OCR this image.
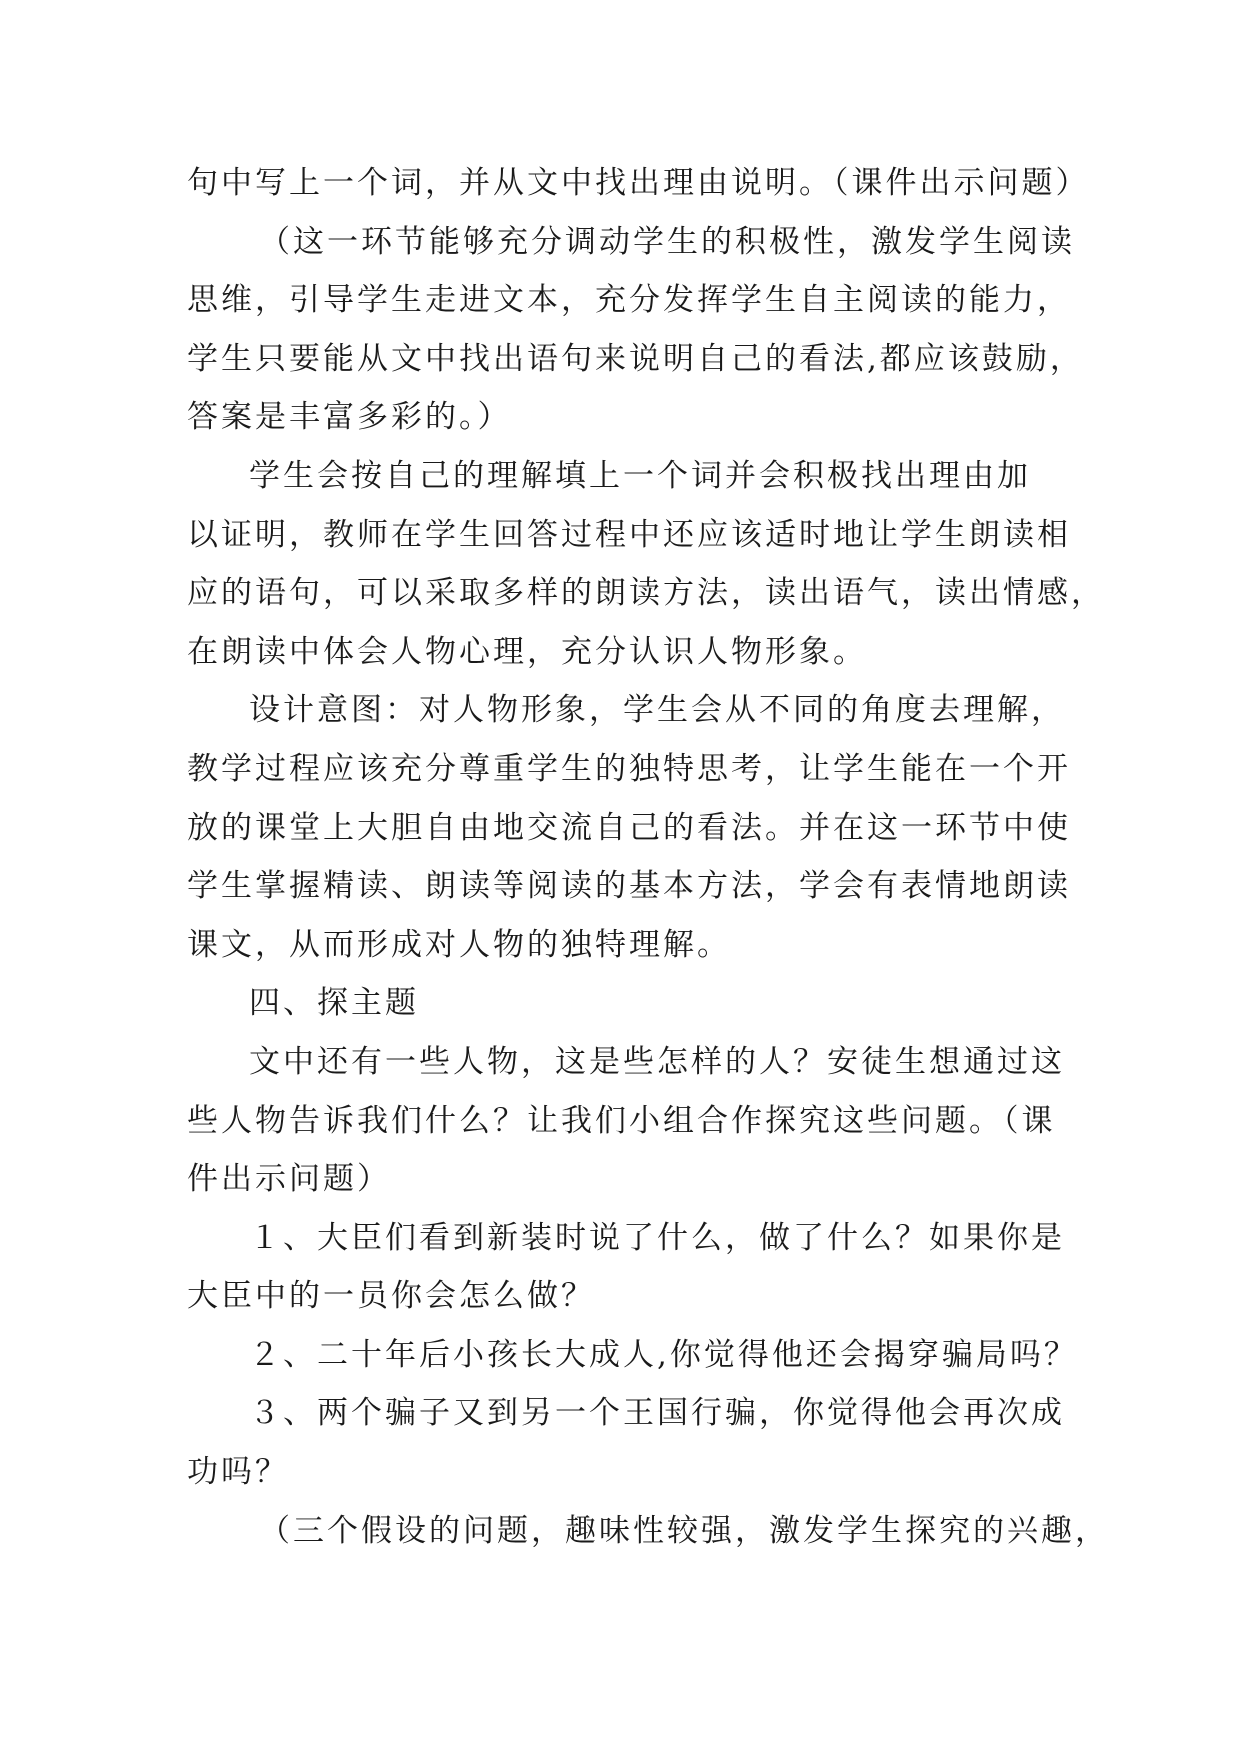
句中写上一个词，并从文中找出理由说明。（课件出示问题）
（这一环节能够充分调动学生的积极性，激发学生阅读
思维，引导学生走进文本，充分发挥学生自主阅读的能力，
学生只要能从文中找出语句来说明自己的看法,都应该鼓励，
答案是丰富多彩的。）
学生会按自己的理解填上一个词并会积极找出理由加
以证明，教师在学生回答过程中还应该适时地让学生朗读相
应的语句，可以采取多样的朗读方法，读出语气，读出情感，
在朗读中体会人物心理，充分认识人物形象。
设计意图：对人物形象，学生会从不同的角度去理解，
教学过程应该充分尊重学生的独特思考，让学生能在一个开
放的课堂上大胆自由地交流自己的看法。并在这一环节中使
学生掌握精读、朗读等阅读的基本方法，学会有表情地朗读
课文，从而形成对人物的独特理解。
四、探主题
文中还有一些人物，这是些怎样的人？安徒生想通过这
些人物告诉我们什么？让我们小组合作探究这些问题。（课
件出示问题）
１、大臣们看到新装时说了什么，做了什么？如果你是
大臣中的一员你会怎么做？
２、二十年后小孩长大成人,你觉得他还会揭穿骗局吗？
３、两个骗子又到另一个王国行骗，你觉得他会再次成
功吗？
（三个假设的问题，趣味性较强，激发学生探究的兴趣，
